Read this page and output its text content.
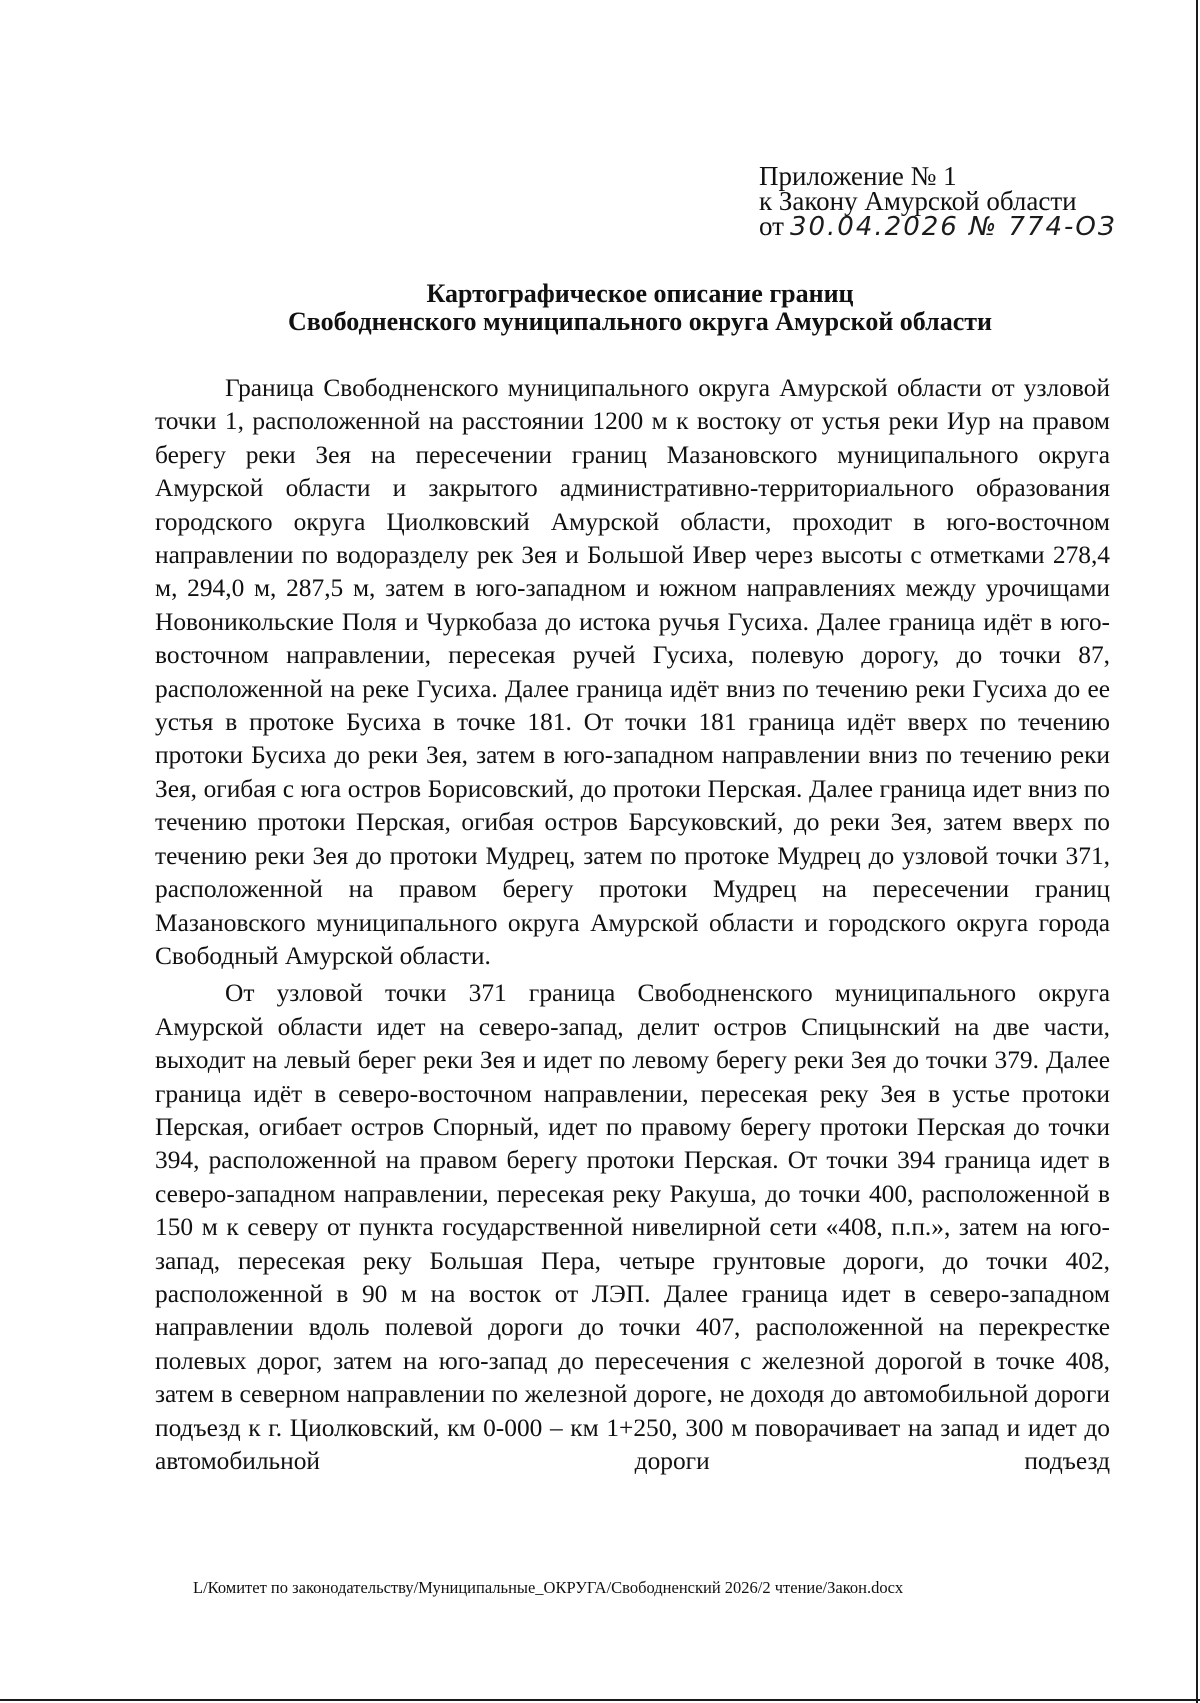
Приложение № 1
к Закону Амурской области
от 30.04.2026 № 774-ОЗ
Картографическое описание границ
Свободненского муниципального округа Амурской области

Граница Свободненского муниципального округа Амурской области от узловой точки 1, расположенной на расстоянии 1200 м к востоку от устья реки Иур на правом берегу реки Зея на пересечении границ Мазановского муниципального округа Амурской области и закрытого административно-территориального образования городского округа Циолковский Амурской области, проходит в юго-восточном направлении по водоразделу рек Зея и Большой Ивер через высоты с отметками 278,4 м, 294,0 м, 287,5 м, затем в юго-западном и южном направлениях между урочищами Новоникольские Поля и Чуркобаза до истока ручья Гусиха. Далее граница идёт в юго-восточном направлении, пересекая ручей Гусиха, полевую дорогу, до точки 87, расположенной на реке Гусиха. Далее граница идёт вниз по течению реки Гусиха до ее устья в протоке Бусиха в точке 181. От точки 181 граница идёт вверх по течению протоки Бусиха до реки Зея, затем в юго-западном направлении вниз по течению реки Зея, огибая с юга остров Борисовский, до протоки Перская. Далее граница идет вниз по течению протоки Перская, огибая остров Барсуковский, до реки Зея, затем вверх по течению реки Зея до протоки Мудрец, затем по протоке Мудрец до узловой точки 371, расположенной на правом берегу протоки Мудрец на пересечении границ Мазановского муниципального округа Амурской области и городского округа города Свободный Амурской области.

От узловой точки 371 граница Свободненского муниципального округа Амурской области идет на северо-запад, делит остров Спицынский на две части, выходит на левый берег реки Зея и идет по левому берегу реки Зея до точки 379. Далее граница идёт в северо-восточном направлении, пересекая реку Зея в устье протоки Перская, огибает остров Спорный, идет по правому берегу протоки Перская до точки 394, расположенной на правом берегу протоки Перская. От точки 394 граница идет в северо-западном направлении, пересекая реку Ракуша, до точки 400, расположенной в 150 м к северу от пункта государственной нивелирной сети «408, п.п.», затем на юго-запад, пересекая реку Большая Пера, четыре грунтовые дороги, до точки 402, расположенной в 90 м на восток от ЛЭП. Далее граница идет в северо-западном направлении вдоль полевой дороги до точки 407, расположенной на перекрестке полевых дорог, затем на юго-запад до пересечения с железной дорогой в точке 408, затем в северном направлении по железной дороге, не доходя до автомобильной дороги подъезд к г. Циолковский, км 0-000 – км 1+250, 300 м поворачивает на запад и идет до автомобильной дороги подъезд

L/Комитет по законодательству/Муниципальные_ОКРУГА/Свободненский 2026/2 чтение/Закон.docx
